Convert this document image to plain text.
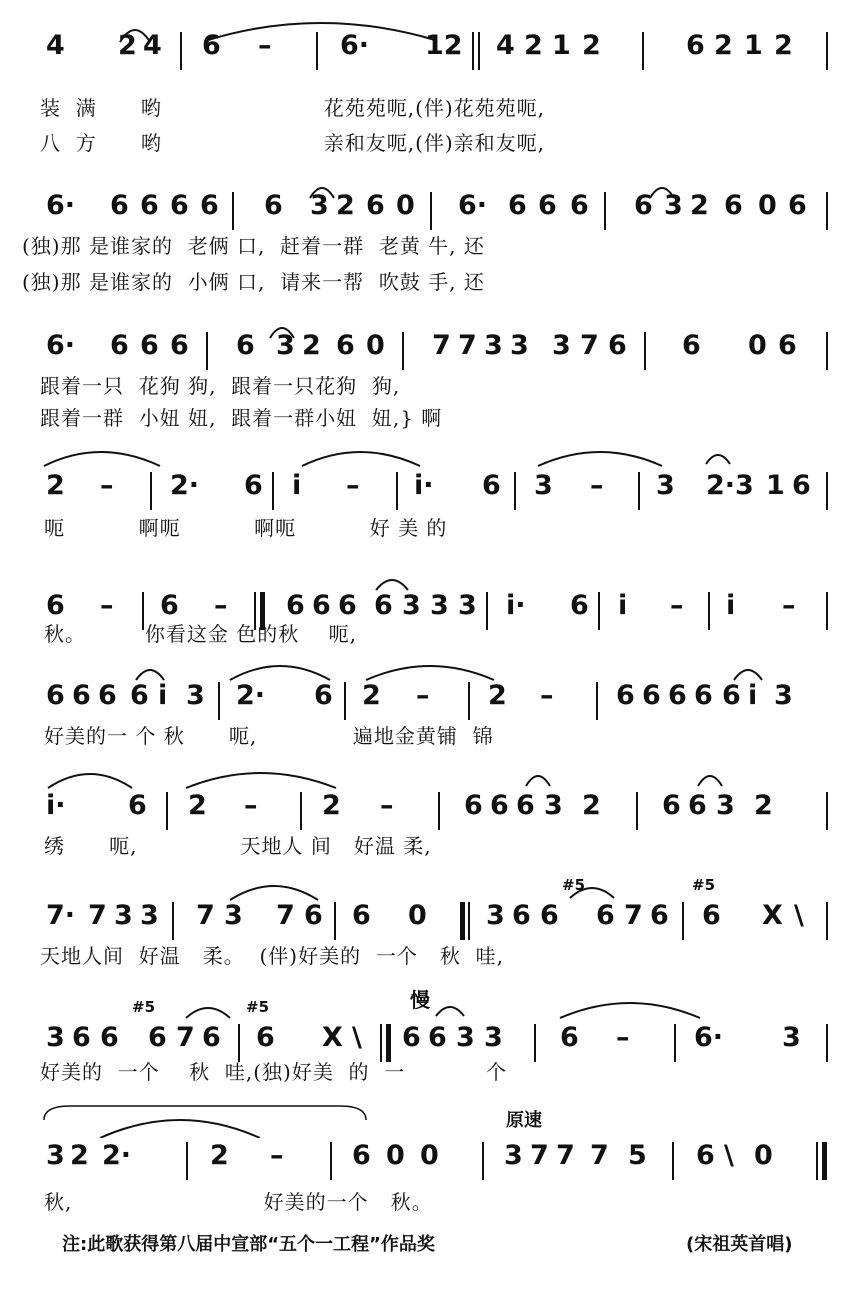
4 2 4 6 –	6· 12 4 2 1 2	6 2 1 2
装  满      哟                      花苑苑呃,(伴)花苑苑呃,
八  方      哟                      亲和友呃,(伴)亲和友呃,
6· 6 6 6 6 6 3 2 6 0 6· 6 6 6 6 3 2 6 0 6
(独)那 是谁家的  老俩 口,  赶着一群  老黄 牛, 还
(独)那 是谁家的  小俩 口,  请来一帮  吹鼓 手, 还
6· 6 6 6 6 3 2 6 0 7 7 3 3 3 7 6 6 0 6
跟着一只  花狗 狗,  跟着一只花狗  狗,
跟着一群  小妞 妞,  跟着一群小妞  妞,} 啊
2 – 2· 6 i – i· 6 3 – 3 2·3 1 6
呃          啊呃          啊呃          好 美 的
6 – 6 – 6 6 6 6 3 3 3 i· 6 i – i –
秋。        你看这金 色的秋    呃,
6 6 6 6 i 3 2· 6 2 – 2 – 6 6 6 6 6 i 3
好美的一 个 秋      呃,             遍地金黄铺  锦
i· 6 2 – 2 –	6 6 6 3 2 6 6 3 2
绣      呃,              天地人 间   好温 柔,
#5	#5
7· 7 3 3 7 3 7 6 6 0 3 6 6 6 7 6 6 X \
天地人间  好温   柔。  (伴)好美的  一个   秋  哇,
慢
#5	#5
3 6 6 6 7 6 6 X \ 6 6 3 3 6 – 6· 3
好美的  一个    秋  哇,(独)好美  的  一           个
原速
3 2 2·	2 –	6 0 0 3 7 7 7 5 6 \ 0
秋,                          好美的一个   秋。
注:此歌获得第八届中宣部“五个一工程”作品奖	(宋祖英首唱)
